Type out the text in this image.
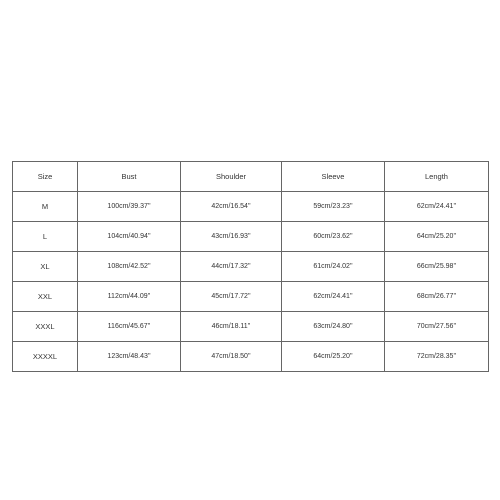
Size	Bust	Shoulder	Sleeve	Length
M	100cm/39.37''	42cm/16.54''	59cm/23.23''	62cm/24.41''
L	104cm/40.94''	43cm/16.93''	60cm/23.62''	64cm/25.20''
XL	108cm/42.52''	44cm/17.32''	61cm/24.02''	66cm/25.98''
XXL	112cm/44.09''	45cm/17.72''	62cm/24.41''	68cm/26.77''
XXXL	116cm/45.67''	46cm/18.11''	63cm/24.80''	70cm/27.56''
XXXXL	123cm/48.43''	47cm/18.50''	64cm/25.20''	72cm/28.35''
